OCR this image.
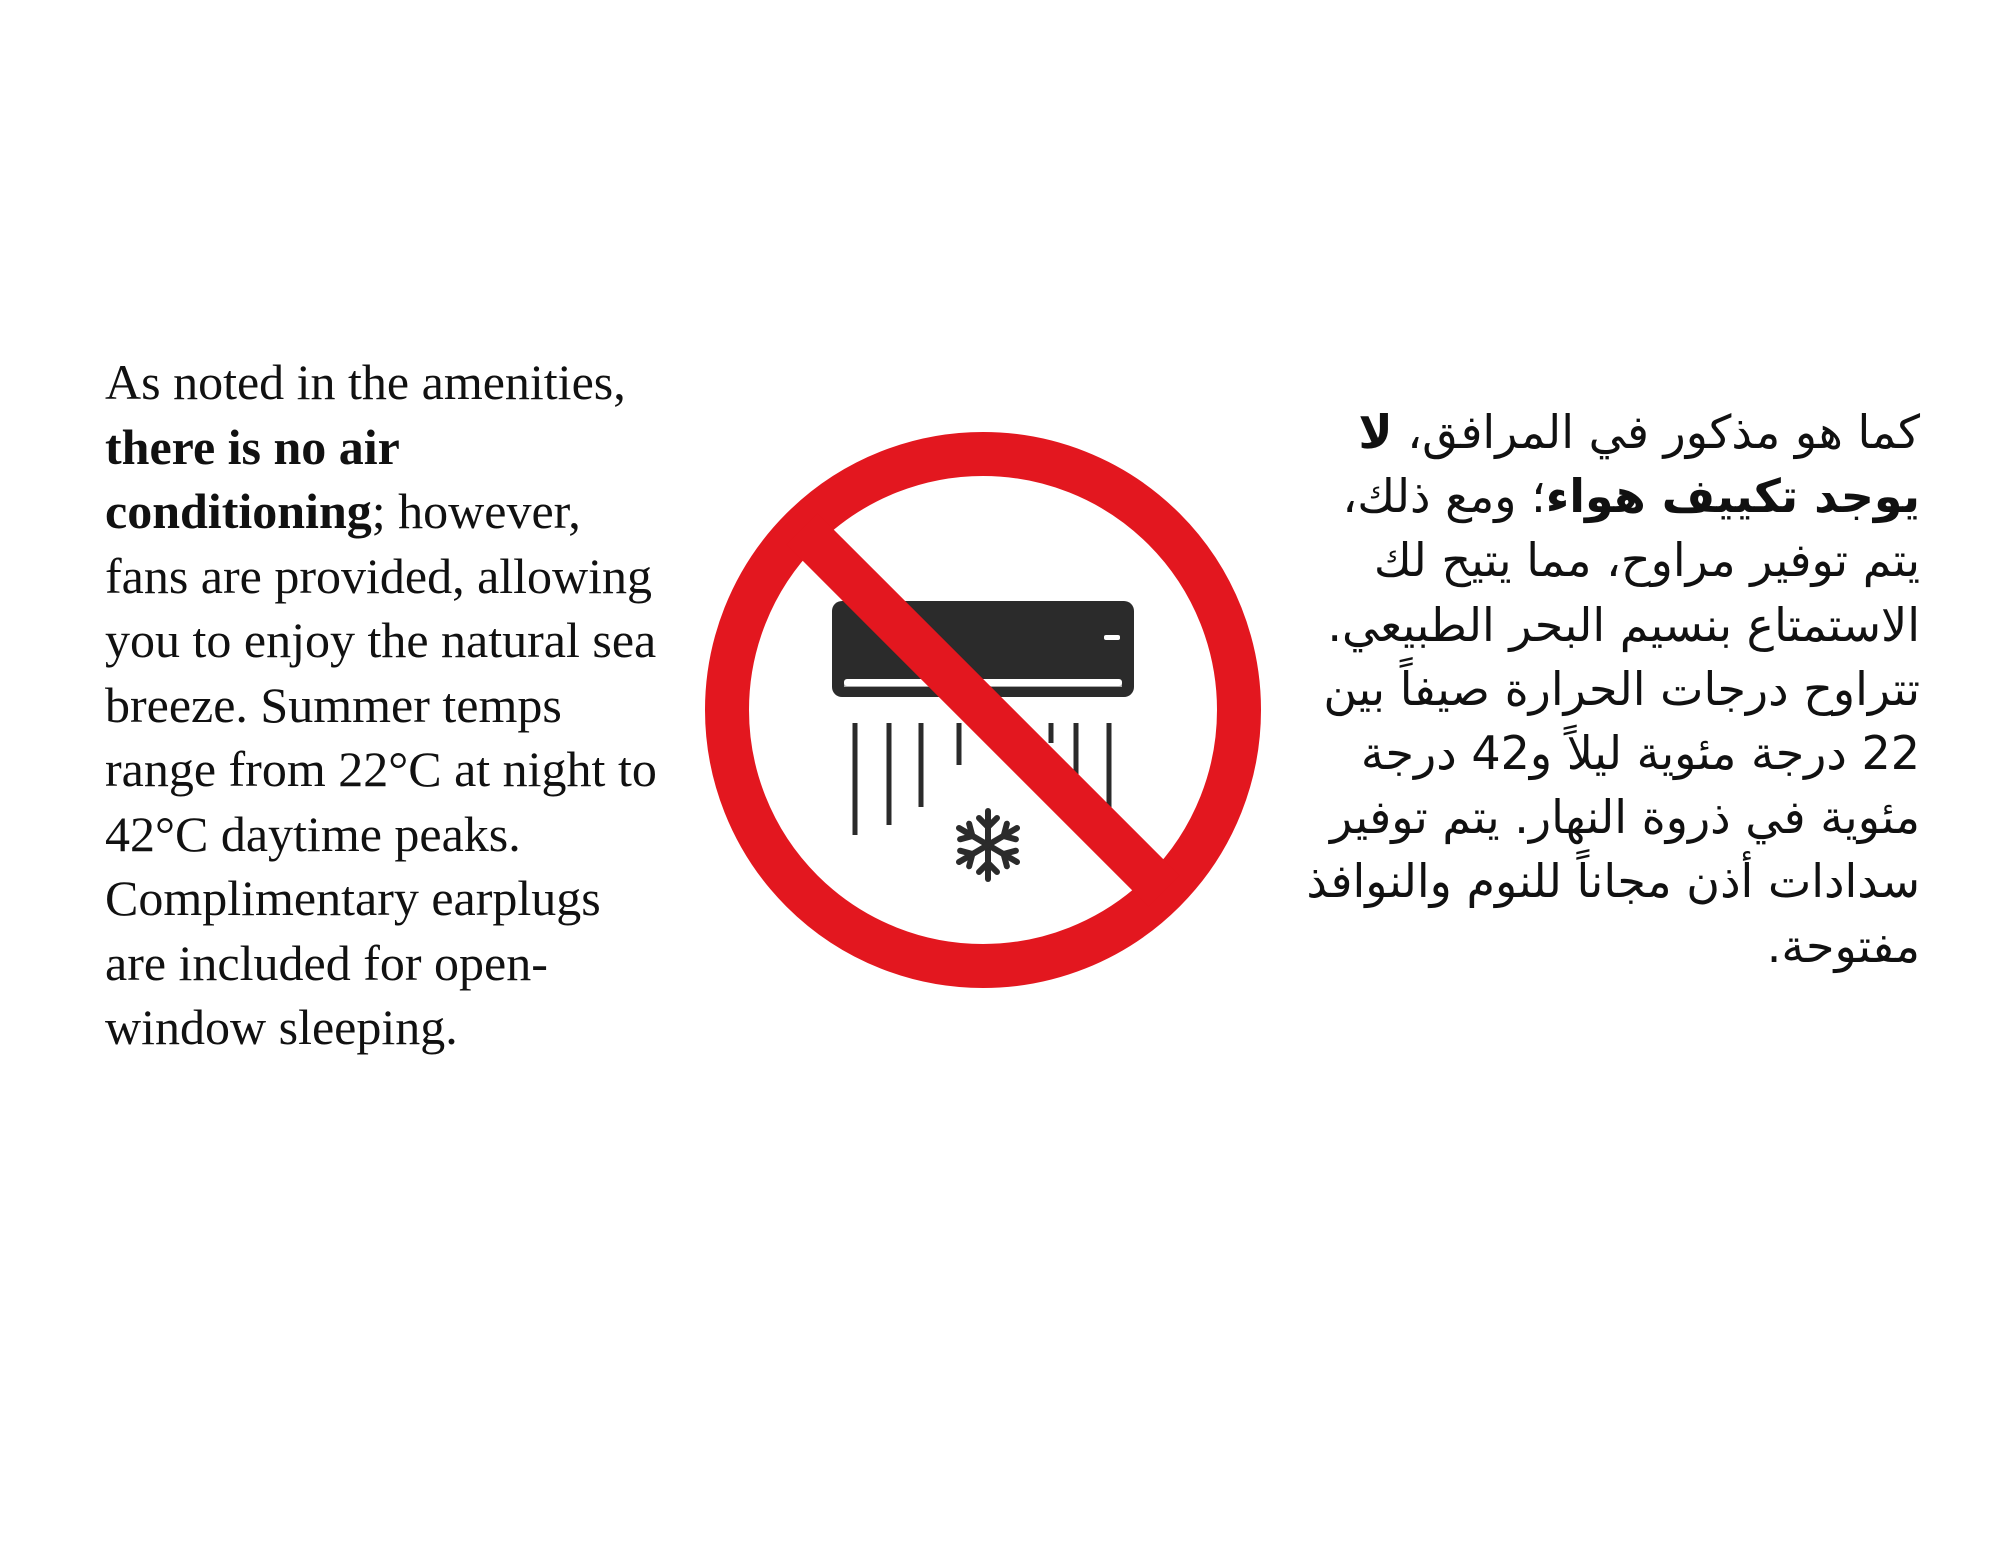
As noted in the amenities, there is no air conditioning; however, fans are provided, allowing you to enjoy the natural sea breeze. Summer temps range from 22°C at night to 42°C daytime peaks. Complimentary earplugs are included for open-window sleeping.

كما هو مذكور في المرافق، لا يوجد تكييف هواء؛ ومع ذلك، يتم توفير مراوح، مما يتيح لك الاستمتاع بنسيم البحر الطبيعي. تتراوح درجات الحرارة صيفاً بين 22 درجة مئوية ليلاً و42 درجة مئوية في ذروة النهار. يتم توفير سدادات أذن مجاناً للنوم والنوافذ مفتوحة.
